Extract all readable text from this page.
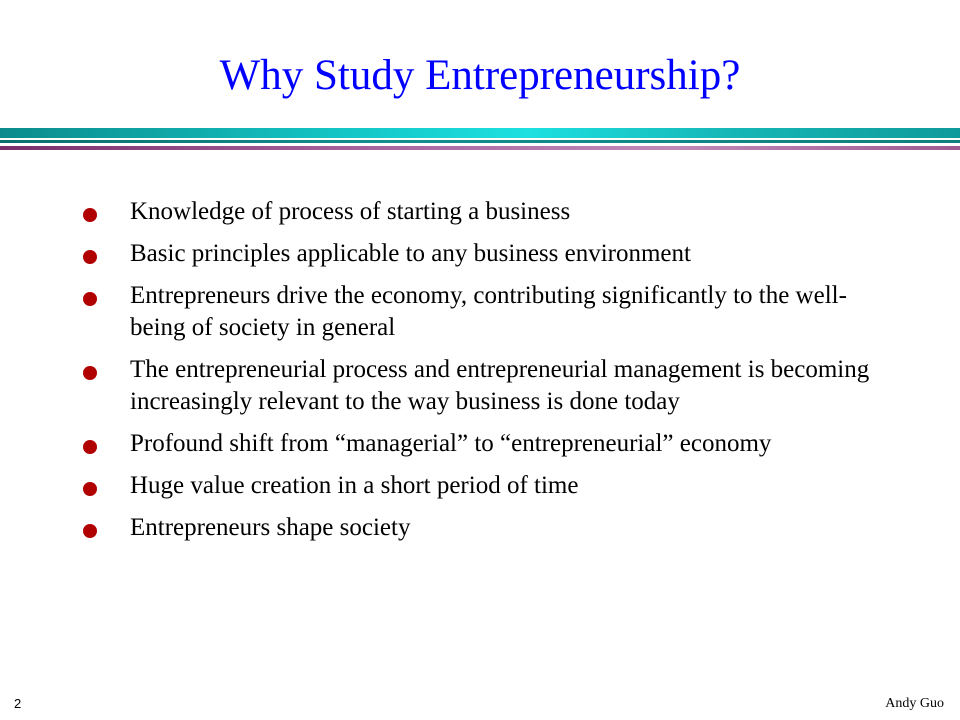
Why Study Entrepreneurship?
Knowledge of process of starting a business
Basic principles applicable to any business environment
Entrepreneurs drive the economy, contributing significantly to the well-being of society in general
The entrepreneurial process and entrepreneurial management is becoming increasingly relevant to the way business is done today
Profound shift from “managerial” to “entrepreneurial” economy
Huge value creation in a short period of time
Entrepreneurs shape society
2	Andy Guo
